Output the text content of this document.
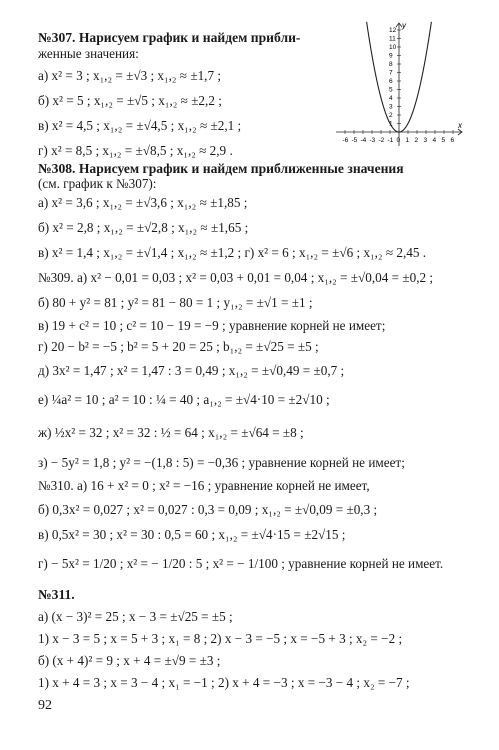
-6 -5 -4 -3 -2 -1 0 1 2 3 4 5 6
1
2
3
4
5
6
7
8
9
10
11
12
x
y
№307. Нарисуем график и найдем прибли-
женные значения:
а) x² = 3 ; x₁,₂ = ±√3 ; x₁,₂ ≈ ±1,7 ;
б) x² = 5 ; x₁,₂ = ±√5 ; x₁,₂ ≈ ±2,2 ;
в) x² = 4,5 ; x₁,₂ = ±√4,5 ; x₁,₂ ≈ ±2,1 ;
г) x² = 8,5 ; x₁,₂ = ±√8,5 ; x₁,₂ ≈ 2,9 .
№308. Нарисуем график и найдем приближенные значения
(см. график к №307):
а) x² = 3,6 ; x₁,₂ = ±√3,6 ; x₁,₂ ≈ ±1,85 ;
б) x² = 2,8 ; x₁,₂ = ±√2,8 ; x₁,₂ ≈ ±1,65 ;
в) x² = 1,4 ; x₁,₂ = ±√1,4 ; x₁,₂ ≈ ±1,2 ; г) x² = 6 ; x₁,₂ = ±√6 ; x₁,₂ ≈ 2,45 .
№309. а) x² − 0,01 = 0,03 ; x² = 0,03 + 0,01 = 0,04 ; x₁,₂ = ±√0,04 = ±0,2 ;
б) 80 + y² = 81 ; y² = 81 − 80 = 1 ; y₁,₂ = ±√1 = ±1 ;
в) 19 + c² = 10 ; c² = 10 − 19 = −9 ; уравнение корней не имеет;
г) 20 − b² = −5 ; b² = 5 + 20 = 25 ; b₁,₂ = ±√25 = ±5 ;
д) 3x² = 1,47 ; x² = 1,47 : 3 = 0,49 ; x₁,₂ = ±√0,49 = ±0,7 ;
е) ¼a² = 10 ; a² = 10 : ¼ = 40 ; a₁,₂ = ±√4·10 = ±2√10 ;
ж) ½x² = 32 ; x² = 32 : ½ = 64 ; x₁,₂ = ±√64 = ±8 ;
з) − 5y² = 1,8 ; y² = −(1,8 : 5) = −0,36 ; уравнение корней не имеет;
№310. а) 16 + x² = 0 ; x² = −16 ; уравнение корней не имеет,
б) 0,3x² = 0,027 ; x² = 0,027 : 0,3 = 0,09 ; x₁,₂ = ±√0,09 = ±0,3 ;
в) 0,5x² = 30 ; x² = 30 : 0,5 = 60 ; x₁,₂ = ±√4·15 = ±2√15 ;
г) − 5x² = 1/20 ; x² = − 1/20 : 5 ; x² = − 1/100 ; уравнение корней не имеет.
№311.
а) (x − 3)² = 25 ; x − 3 = ±√25 = ±5 ;
1) x − 3 = 5 ; x = 5 + 3 ; x₁ = 8 ; 2) x − 3 = −5 ; x = −5 + 3 ; x₂ = −2 ;
б) (x + 4)² = 9 ; x + 4 = ±√9 = ±3 ;
1) x + 4 = 3 ; x = 3 − 4 ; x₁ = −1 ; 2) x + 4 = −3 ; x = −3 − 4 ; x₂ = −7 ;
92
